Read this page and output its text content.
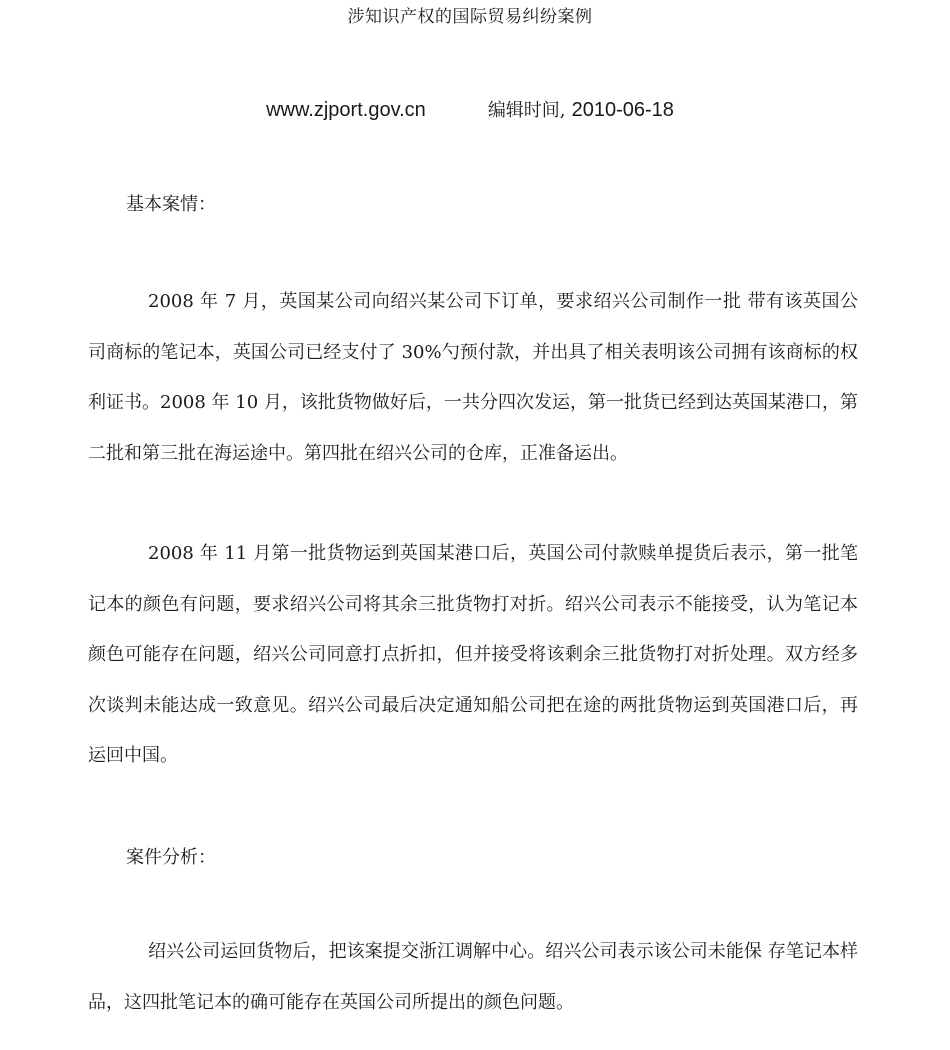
涉知识产权的国际贸易纠纷案例
www.zjport.gov.cn	编辑时间, 2010-06-18
基本案情：

2008 年 7 月，英国某公司向绍兴某公司下订单，要求绍兴公司制作一批 带有该英国公司商标的笔记本，英国公司已经支付了 30%勺预付款，并出具了相关表明该公司拥有该商标的权利证书。2008 年 10 月，该批货物做好后，一共分四次发运，第一批货已经到达英国某港口，第二批和第三批在海运途中。第四批在绍兴公司的仓库，正准备运出。

2008 年 11 月第一批货物运到英国某港口后，英国公司付款赎单提货后表示，第一批笔记本的颜色有问题，要求绍兴公司将其余三批货物打对折。绍兴公司表示不能接受，认为笔记本颜色可能存在问题，绍兴公司同意打点折扣，但并接受将该剩余三批货物打对折处理。双方经多次谈判未能达成一致意见。绍兴公司最后决定通知船公司把在途的两批货物运到英国港口后，再运回中国。

案件分析：

绍兴公司运回货物后，把该案提交浙江调解中心。绍兴公司表示该公司未能保 存笔记本样品，这四批笔记本的确可能存在英国公司所提出的颜色问题。
